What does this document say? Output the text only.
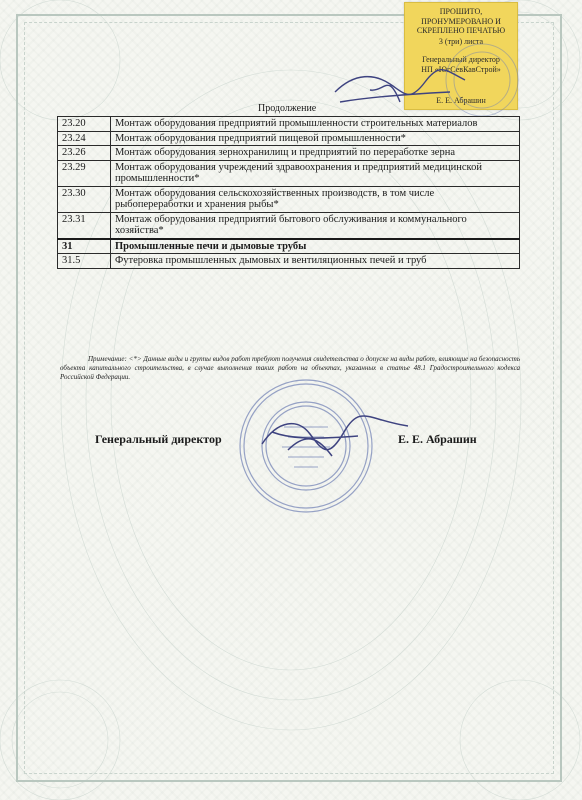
ПРОШИТО,
ПРОНУМЕРОВАНО И
СКРЕПЛЕНО ПЕЧАТЬЮ
3 (три) листа
Генеральный директор
НП «ЮгСевКавСтрой»
Е. Е. Абрашин
Продолжение
23.20	Монтаж оборудования предприятий промышленности строительных материалов
23.24	Монтаж оборудования предприятий пищевой промышленности*
23.26	Монтаж оборудования зернохранилищ и предприятий по переработке зерна
23.29	Монтаж оборудования учреждений здравоохранения и предприятий медицинской промышленности*
23.30	Монтаж оборудования сельскохозяйственных производств, в том числе рыбопереработки и хранения рыбы*
23.31	Монтаж оборудования предприятий бытового обслуживания и коммунального хозяйства*
31	Промышленные печи и дымовые трубы
31.5	Футеровка промышленных дымовых и вентиляционных печей и труб
Примечание: <*> Данные виды и группы видов работ требуют получения свидетельства о допуске на виды работ, влияющие на безопасность объекта капитального строительства, в случае выполнения таких работ на объектах, указанных в статье 48.1 Градостроительного кодекса Российской Федерации.
Генеральный директор	Е. Е. Абрашин
